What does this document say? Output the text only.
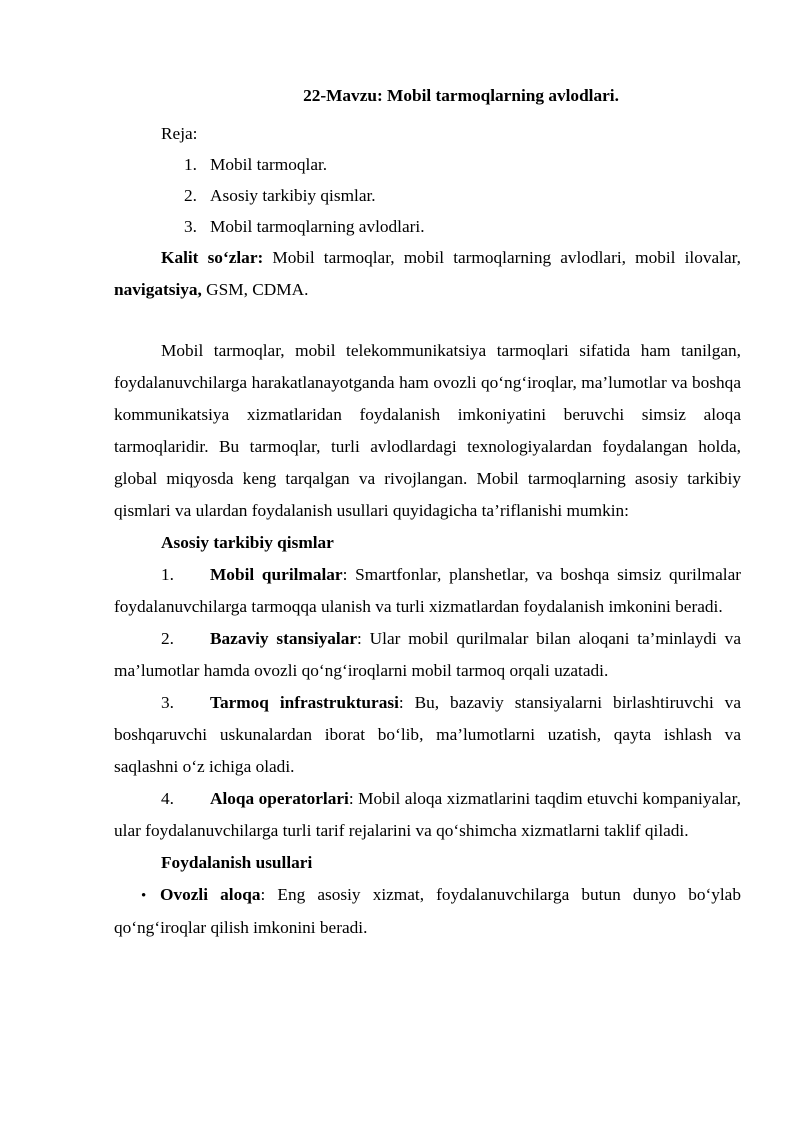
22-Mavzu: Mobil tarmoqlarning avlodlari.

Reja:

1. Mobil tarmoqlar.
2. Asosiy tarkibiy qismlar.
3. Mobil tarmoqlarning avlodlari.

Kalit so‘zlar: Mobil tarmoqlar, mobil tarmoqlarning avlodlari, mobil ilovalar, navigatsiya, GSM, CDMA.

Mobil tarmoqlar, mobil telekommunikatsiya tarmoqlari sifatida ham tanilgan, foydalanuvchilarga harakatlanayotganda ham ovozli qo‘ng‘iroqlar, ma’lumotlar va boshqa kommunikatsiya xizmatlaridan foydalanish imkoniyatini beruvchi simsiz aloqa tarmoqlaridir. Bu tarmoqlar, turli avlodlardagi texnologiyalardan foydalangan holda, global miqyosda keng tarqalgan va rivojlangan. Mobil tarmoqlarning asosiy tarkibiy qismlari va ulardan foydalanish usullari quyidagicha ta’riflanishi mumkin:

Asosiy tarkibiy qismlar

1. Mobil qurilmalar: Smartfonlar, planshetlar, va boshqa simsiz qurilmalar foydalanuvchilarga tarmoqqa ulanish va turli xizmatlardan foydalanish imkonini beradi.

2. Bazaviy stansiyalar: Ular mobil qurilmalar bilan aloqani ta’minlaydi va ma’lumotlar hamda ovozli qo‘ng‘iroqlarni mobil tarmoq orqali uzatadi.

3. Tarmoq infrastrukturasi: Bu, bazaviy stansiyalarni birlashtiruvchi va boshqaruvchi uskunalardan iborat bo‘lib, ma’lumotlarni uzatish, qayta ishlash va saqlashni o‘z ichiga oladi.

4. Aloqa operatorlari: Mobil aloqa xizmatlarini taqdim etuvchi kompaniyalar, ular foydalanuvchilarga turli tarif rejalarini va qo‘shimcha xizmatlarni taklif qiladi.

Foydalanish usullari

• Ovozli aloqa: Eng asosiy xizmat, foydalanuvchilarga butun dunyo bo‘ylab qo‘ng‘iroqlar qilish imkonini beradi.
